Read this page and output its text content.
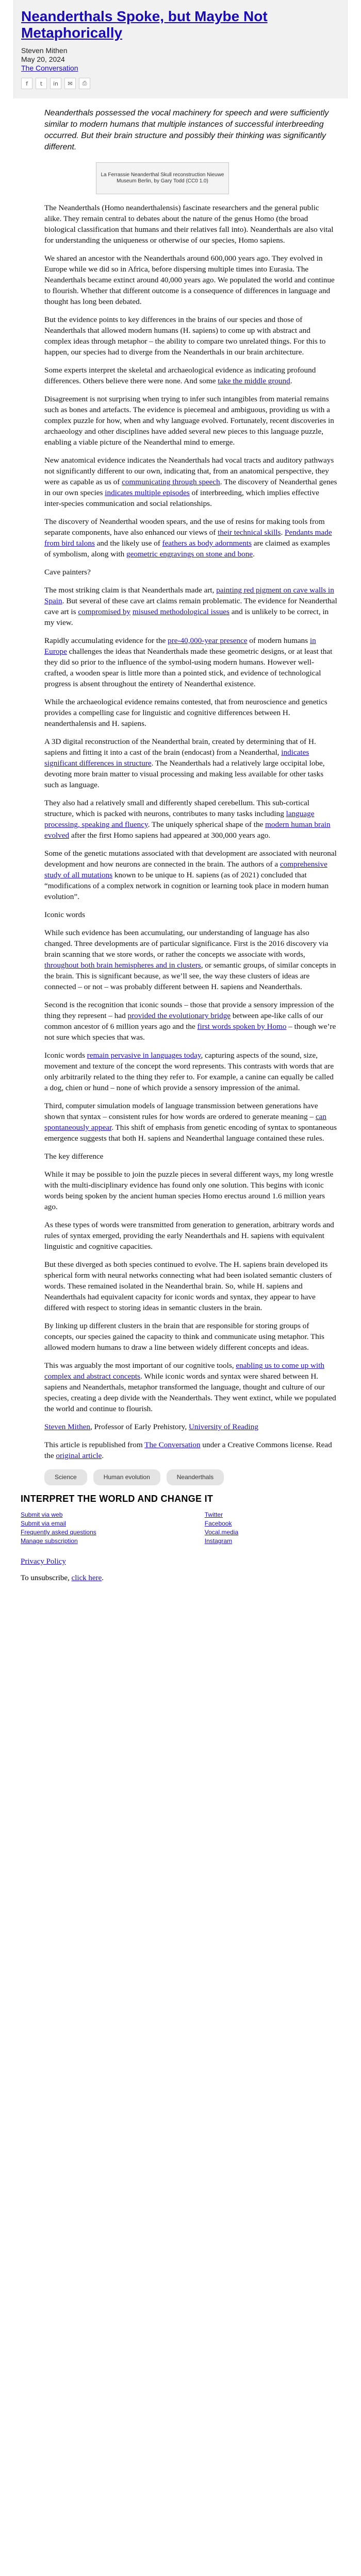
Neanderthals Spoke, but Maybe Not Metaphorically
Steven Mithen
May 20, 2024
The Conversation
f	t	in	✉	⎙
Neanderthals possessed the vocal machinery for speech and were sufficiently similar to modern humans that multiple instances of successful interbreeding occurred. But their brain structure and possibly their thinking was significantly different.
La Ferrassie Neanderthal Skull reconstruction Nieuwe
Museum Berlin, by Gary Todd (CC0 1.0)

The Neanderthals (Homo neanderthalensis) fascinate researchers and the general public alike. They remain central to debates about the nature of the genus Homo (the broad biological classification that humans and their relatives fall into). Neanderthals are also vital for understanding the uniqueness or otherwise of our species, Homo sapiens.

We shared an ancestor with the Neanderthals around 600,000 years ago. They evolved in Europe while we did so in Africa, before dispersing multiple times into Eurasia. The Neanderthals became extinct around 40,000 years ago. We populated the world and continue to flourish. Whether that different outcome is a consequence of differences in language and thought has long been debated.

But the evidence points to key differences in the brains of our species and those of Neanderthals that allowed modern humans (H. sapiens) to come up with abstract and complex ideas through metaphor – the ability to compare two unrelated things. For this to happen, our species had to diverge from the Neanderthals in our brain architecture.

Some experts interpret the skeletal and archaeological evidence as indicating profound differences. Others believe there were none. And some take the middle ground.

Disagreement is not surprising when trying to infer such intangibles from material remains such as bones and artefacts. The evidence is piecemeal and ambiguous, providing us with a complex puzzle for how, when and why language evolved. Fortunately, recent discoveries in archaeology and other disciplines have added several new pieces to this language puzzle, enabling a viable picture of the Neanderthal mind to emerge.

New anatomical evidence indicates the Neanderthals had vocal tracts and auditory pathways not significantly different to our own, indicating that, from an anatomical perspective, they were as capable as us of communicating through speech. The discovery of Neanderthal genes in our own species indicates multiple episodes of interbreeding, which implies effective inter-species communication and social relationships.

The discovery of Neanderthal wooden spears, and the use of resins for making tools from separate components, have also enhanced our views of their technical skills. Pendants made from bird talons and the likely use of feathers as body adornments are claimed as examples of symbolism, along with geometric engravings on stone and bone.

Cave painters?

The most striking claim is that Neanderthals made art, painting red pigment on cave walls in Spain. But several of these cave art claims remain problematic. The evidence for Neanderthal cave art is compromised by misused methodological issues and is unlikely to be correct, in my view.

Rapidly accumulating evidence for the pre-40,000-year presence of modern humans in Europe challenges the ideas that Neanderthals made these geometric designs, or at least that they did so prior to the influence of the symbol-using modern humans. However well-crafted, a wooden spear is little more than a pointed stick, and evidence of technological progress is absent throughout the entirety of Neanderthal existence.

While the archaeological evidence remains contested, that from neuroscience and genetics provides a compelling case for linguistic and cognitive differences between H. neanderthalensis and H. sapiens.

A 3D digital reconstruction of the Neanderthal brain, created by determining that of H. sapiens and fitting it into a cast of the brain (endocast) from a Neanderthal, indicates significant differences in structure. The Neanderthals had a relatively large occipital lobe, devoting more brain matter to visual processing and making less available for other tasks such as language.

They also had a relatively small and differently shaped cerebellum. This sub-cortical structure, which is packed with neurons, contributes to many tasks including language processing, speaking and fluency. The uniquely spherical shape of the modern human brain evolved after the first Homo sapiens had appeared at 300,000 years ago.

Some of the genetic mutations associated with that development are associated with neuronal development and how neurons are connected in the brain. The authors of a comprehensive study of all mutations known to be unique to H. sapiens (as of 2021) concluded that “modifications of a complex network in cognition or learning took place in modern human evolution”.

Iconic words

While such evidence has been accumulating, our understanding of language has also changed. Three developments are of particular significance. First is the 2016 discovery via brain scanning that we store words, or rather the concepts we associate with words, throughout both brain hemispheres and in clusters, or semantic groups, of similar concepts in the brain. This is significant because, as we’ll see, the way these clusters of ideas are connected – or not – was probably different between H. sapiens and Neanderthals.

Second is the recognition that iconic sounds – those that provide a sensory impression of the thing they represent – had provided the evolutionary bridge between ape-like calls of our common ancestor of 6 million years ago and the first words spoken by Homo – though we’re not sure which species that was.

Iconic words remain pervasive in languages today, capturing aspects of the sound, size, movement and texture of the concept the word represents. This contrasts with words that are only arbitrarily related to the thing they refer to. For example, a canine can equally be called a dog, chien or hund – none of which provide a sensory impression of the animal.

Third, computer simulation models of language transmission between generations have shown that syntax – consistent rules for how words are ordered to generate meaning – can spontaneously appear. This shift of emphasis from genetic encoding of syntax to spontaneous emergence suggests that both H. sapiens and Neanderthal language contained these rules.

The key difference

While it may be possible to join the puzzle pieces in several different ways, my long wrestle with the multi-disciplinary evidence has found only one solution. This begins with iconic words being spoken by the ancient human species Homo erectus around 1.6 million years ago.

As these types of words were transmitted from generation to generation, arbitrary words and rules of syntax emerged, providing the early Neanderthals and H. sapiens with equivalent linguistic and cognitive capacities.

But these diverged as both species continued to evolve. The H. sapiens brain developed its spherical form with neural networks connecting what had been isolated semantic clusters of words. These remained isolated in the Neanderthal brain. So, while H. sapiens and Neanderthals had equivalent capacity for iconic words and syntax, they appear to have differed with respect to storing ideas in semantic clusters in the brain.

By linking up different clusters in the brain that are responsible for storing groups of concepts, our species gained the capacity to think and communicate using metaphor. This allowed modern humans to draw a line between widely different concepts and ideas.

This was arguably the most important of our cognitive tools, enabling us to come up with complex and abstract concepts. While iconic words and syntax were shared between H. sapiens and Neanderthals, metaphor transformed the language, thought and culture of our species, creating a deep divide with the Neanderthals. They went extinct, while we populated the world and continue to flourish.

Steven Mithen, Professor of Early Prehistory, University of Reading

This article is republished from The Conversation under a Creative Commons license. Read the original article.

Science	Human evolution	Neanderthals
INTERPRET THE WORLD AND CHANGE IT
Submit via web
Submit via email
Frequently asked questions
Manage subscription
Twitter
Facebook
Vocal.media
Instagram
Privacy Policy
To unsubscribe, click here.
